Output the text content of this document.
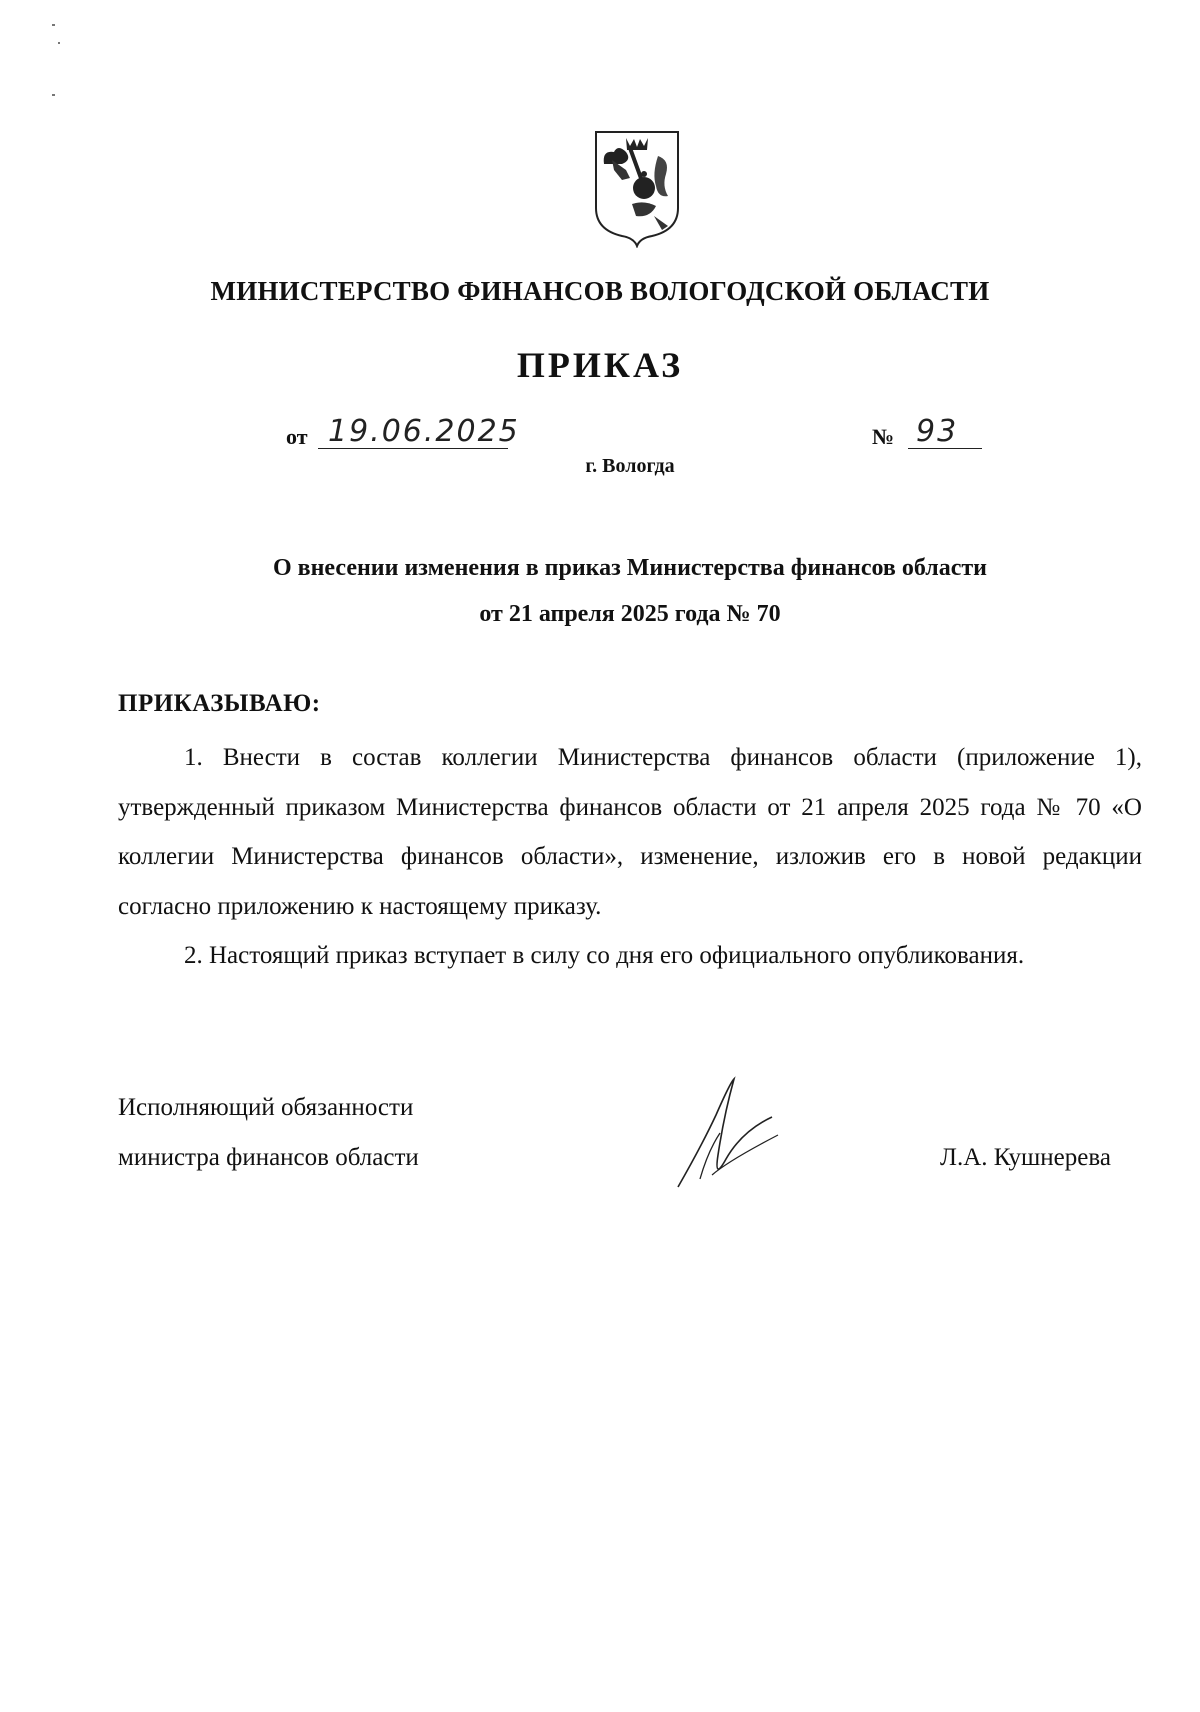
МИНИСТЕРСТВО ФИНАНСОВ ВОЛОГОДСКОЙ ОБЛАСТИ
ПРИКАЗ
от 19.06.2025	№ 93
г. Вологда
О внесении изменения в приказ Министерства финансов области
от 21 апреля 2025 года № 70
ПРИКАЗЫВАЮ:

1. Внести в состав коллегии Министерства финансов области (приложение 1), утвержденный приказом Министерства финансов области от 21 апреля 2025 года № 70 «О коллегии Министерства финансов области», изменение, изложив его в новой редакции согласно приложению к настоящему приказу.

2. Настоящий приказ вступает в силу со дня его официального опубликования.

Исполняющий обязанности
министра финансов области	Л.А. Кушнерева
